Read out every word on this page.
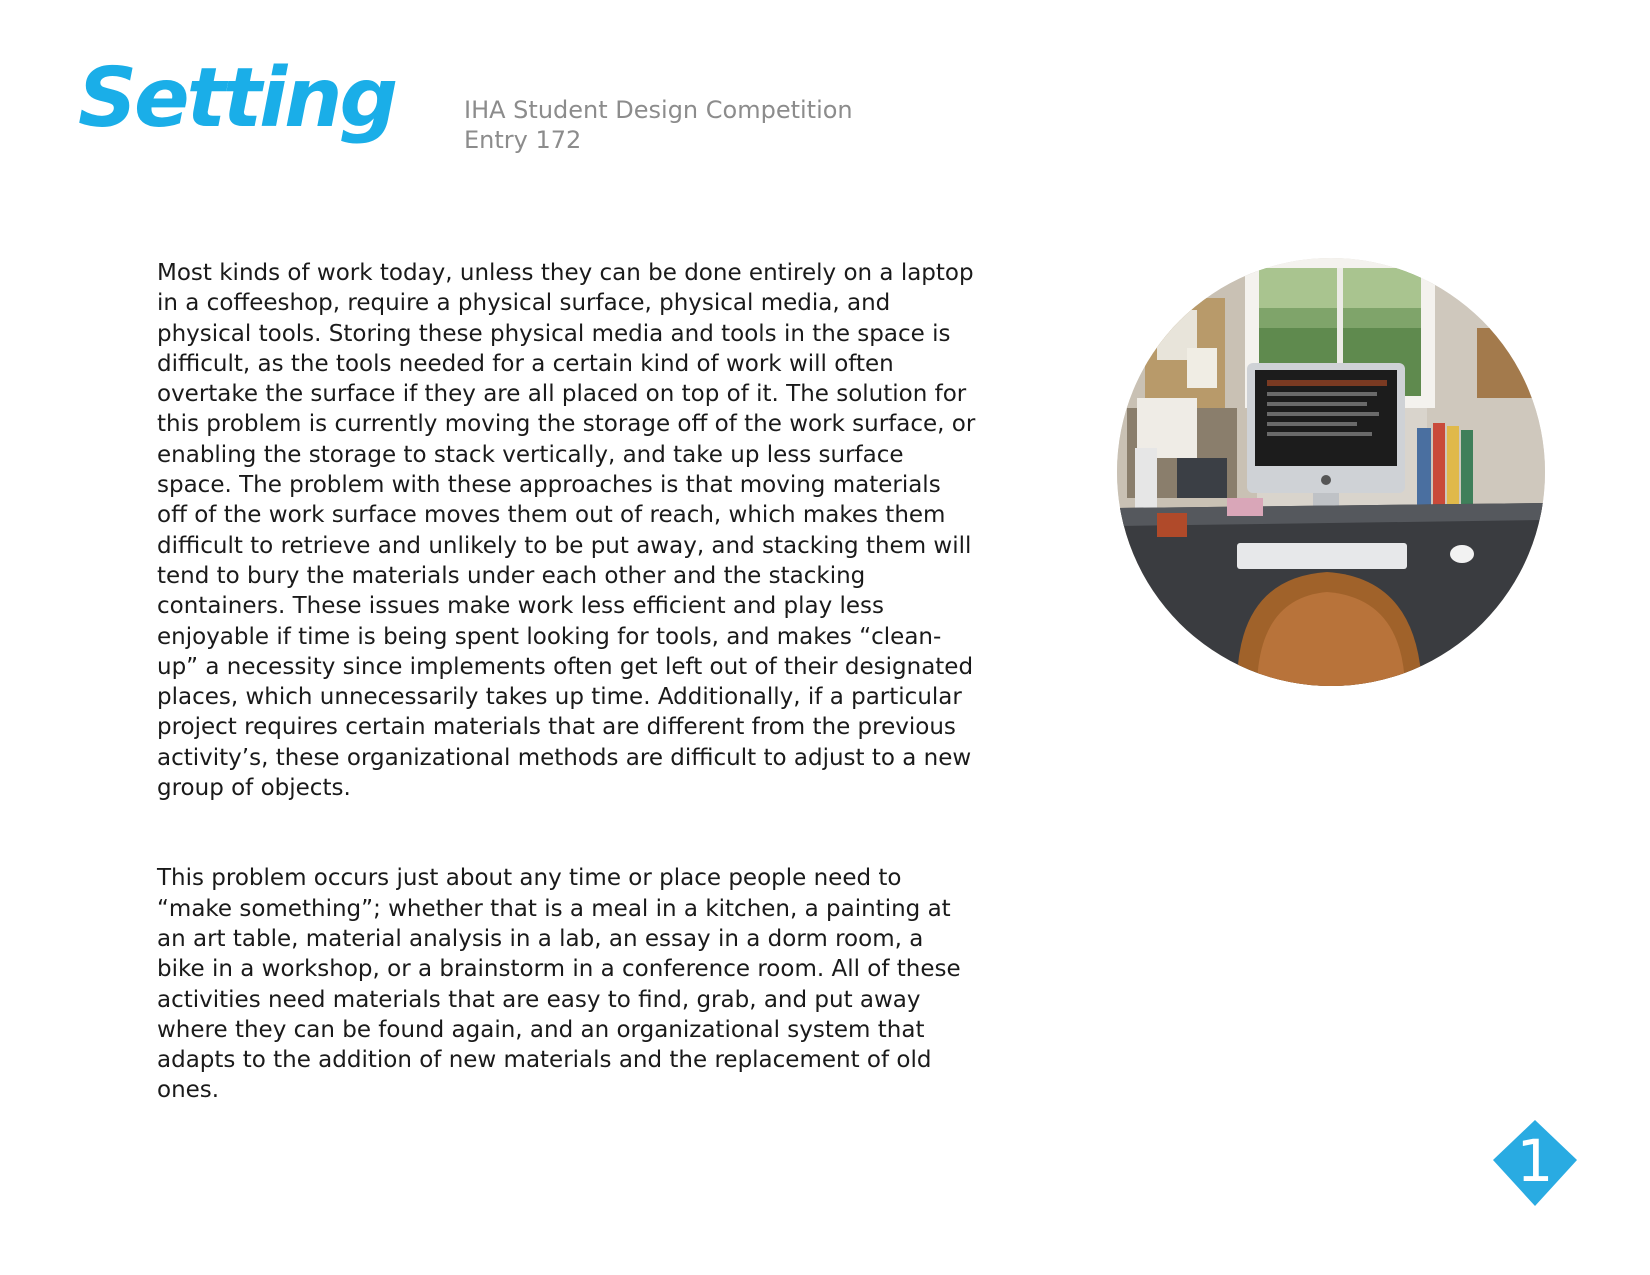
Setting	IHA Student Design Competition
Entry 172

Most kinds of work today, unless they can be done entirely on a laptop in a coffeeshop, require a physical surface, physical media, and physical tools. Storing these physical media and tools in the space is difficult, as the tools needed for a certain kind of work will often overtake the surface if they are all placed on top of it. The solution for this problem is currently moving the storage off of the work surface, or enabling the storage to stack vertically, and take up less surface space. The problem with these approaches is that moving materials off of the work surface moves them out of reach, which makes them difficult to retrieve and unlikely to be put away, and stacking them will tend to bury the materials under each other and the stacking containers. These issues make work less efficient and play less enjoyable if time is being spent looking for tools, and makes “clean-up” a necessity since implements often get left out of their designated places, which unnecessarily takes up time. Additionally, if a particular project requires certain materials that are different from the previous activity’s, these organizational methods are difficult to adjust to a new group of objects.

This problem occurs just about any time or place people need to “make something”; whether that is a meal in a kitchen, a painting at an art table, material analysis in a lab, an essay in a dorm room, a bike in a workshop, or a brainstorm in a conference room. All of these activities need materials that are easy to find, grab, and put away where they can be found again, and an organizational system that adapts to the addition of new materials and the replacement of old ones.

1
